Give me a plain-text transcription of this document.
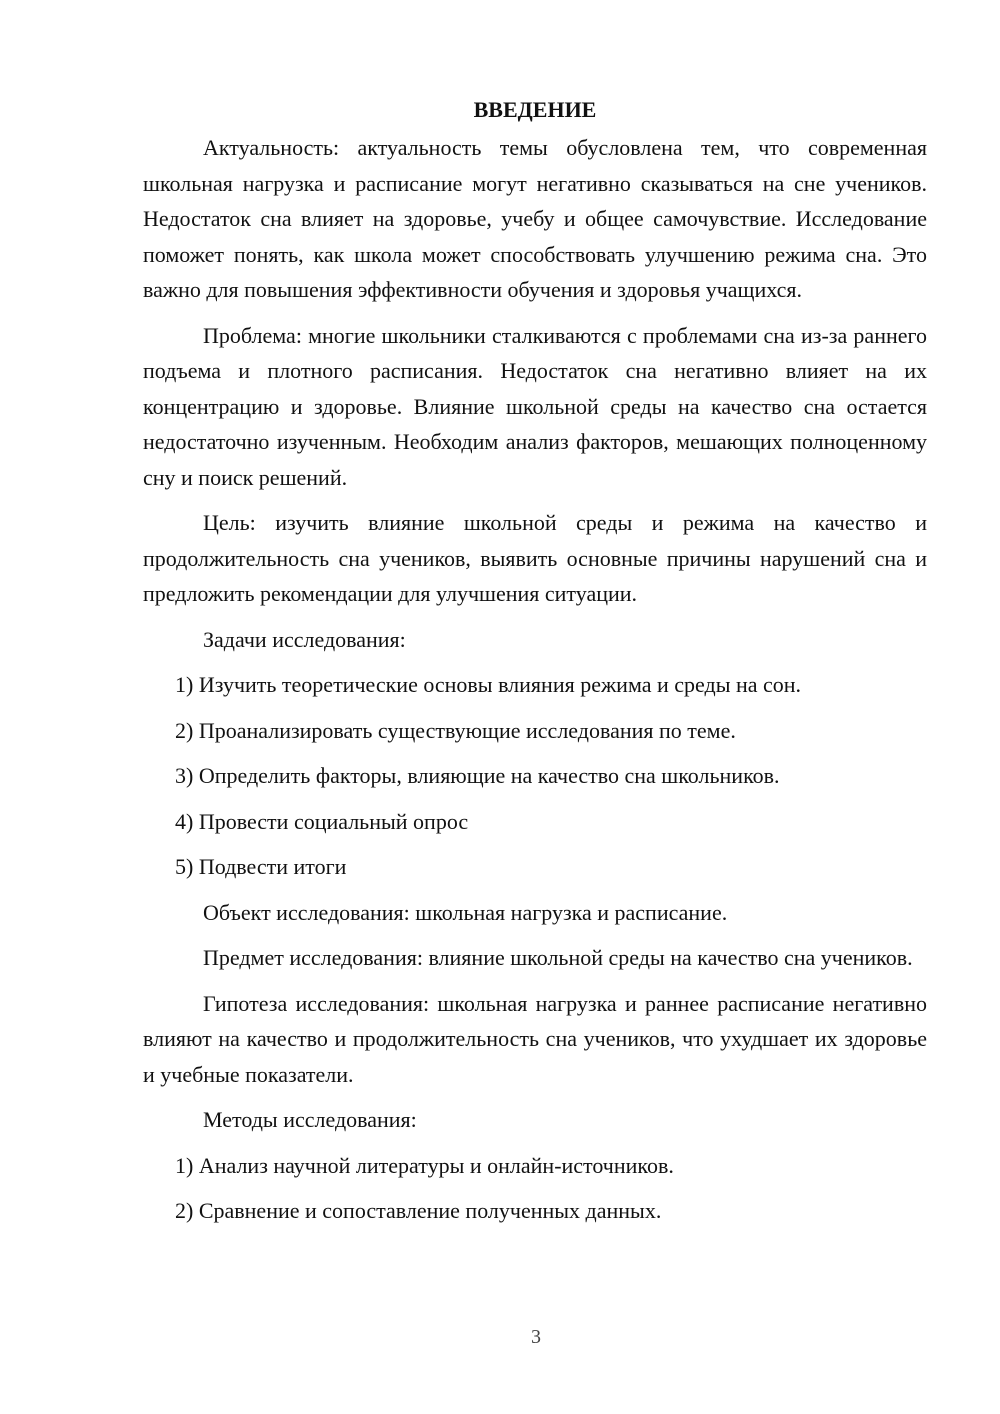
ВВЕДЕНИЕ

Актуальность: актуальность темы обусловлена тем, что современная школьная нагрузка и расписание могут негативно сказываться на сне учеников. Недостаток сна влияет на здоровье, учебу и общее самочувствие. Исследование поможет понять, как школа может способствовать улучшению режима сна. Это важно для повышения эффективности обучения и здоровья учащихся.

Проблема: многие школьники сталкиваются с проблемами сна из-за раннего подъема и плотного расписания. Недостаток сна негативно влияет на их концентрацию и здоровье. Влияние школьной среды на качество сна остается недостаточно изученным. Необходим анализ факторов, мешающих полноценному сну и поиск решений.

Цель: изучить влияние школьной среды и режима на качество и продолжительность сна учеников, выявить основные причины нарушений сна и предложить рекомендации для улучшения ситуации.

Задачи исследования:

1) Изучить теоретические основы влияния режима и среды на сон.

2) Проанализировать существующие исследования по теме.

3) Определить факторы, влияющие на качество сна школьников.

4) Провести социальный опрос

5) Подвести итоги

Объект исследования: школьная нагрузка и расписание.

Предмет исследования: влияние школьной среды на качество сна учеников.

Гипотеза исследования: школьная нагрузка и раннее расписание негативно влияют на качество и продолжительность сна учеников, что ухудшает их здоровье и учебные показатели.

Методы исследования:

1) Анализ научной литературы и онлайн-источников.

2) Сравнение и сопоставление полученных данных.

3
